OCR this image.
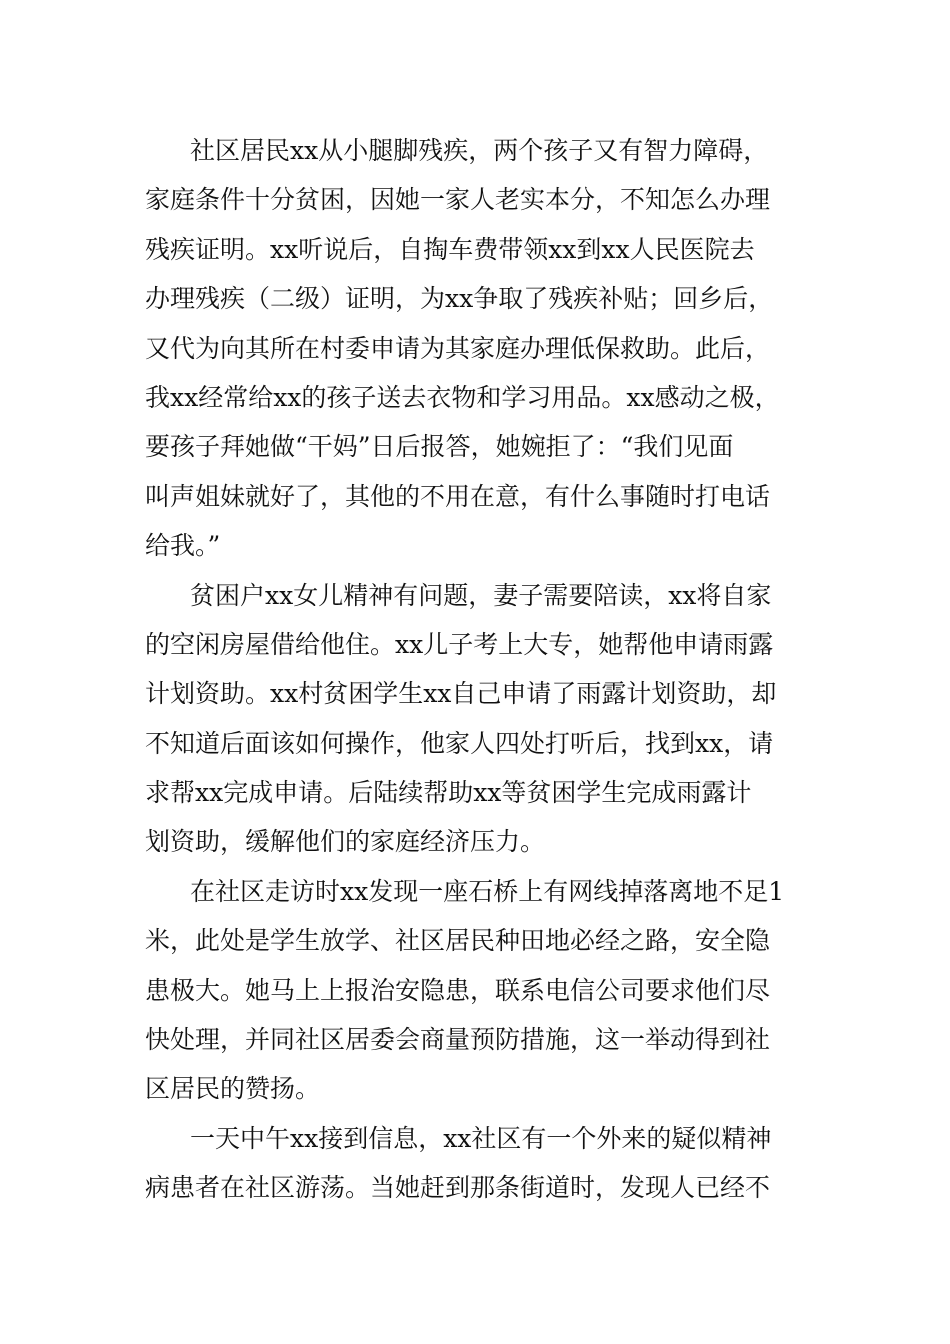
社区居民xx从小腿脚残疾，两个孩子又有智力障碍，
家庭条件十分贫困，因她一家人老实本分，不知怎么办理
残疾证明。xx听说后，自掏车费带领xx到xx人民医院去
办理残疾（二级）证明，为xx争取了残疾补贴；回乡后，
又代为向其所在村委申请为其家庭办理低保救助。此后，
我xx经常给xx的孩子送去衣物和学习用品。xx感动之极，
要孩子拜她做“干妈”日后报答，她婉拒了：“我们见面
叫声姐妹就好了，其他的不用在意，有什么事随时打电话
给我。”
贫困户xx女儿精神有问题，妻子需要陪读，xx将自家
的空闲房屋借给他住。xx儿子考上大专，她帮他申请雨露
计划资助。xx村贫困学生xx自己申请了雨露计划资助，却
不知道后面该如何操作，他家人四处打听后，找到xx，请
求帮xx完成申请。后陆续帮助xx等贫困学生完成雨露计
划资助，缓解他们的家庭经济压力。
在社区走访时xx发现一座石桥上有网线掉落离地不足1
米，此处是学生放学、社区居民种田地必经之路，安全隐
患极大。她马上上报治安隐患，联系电信公司要求他们尽
快处理，并同社区居委会商量预防措施，这一举动得到社
区居民的赞扬。
一天中午xx接到信息，xx社区有一个外来的疑似精神
病患者在社区游荡。当她赶到那条街道时，发现人已经不
